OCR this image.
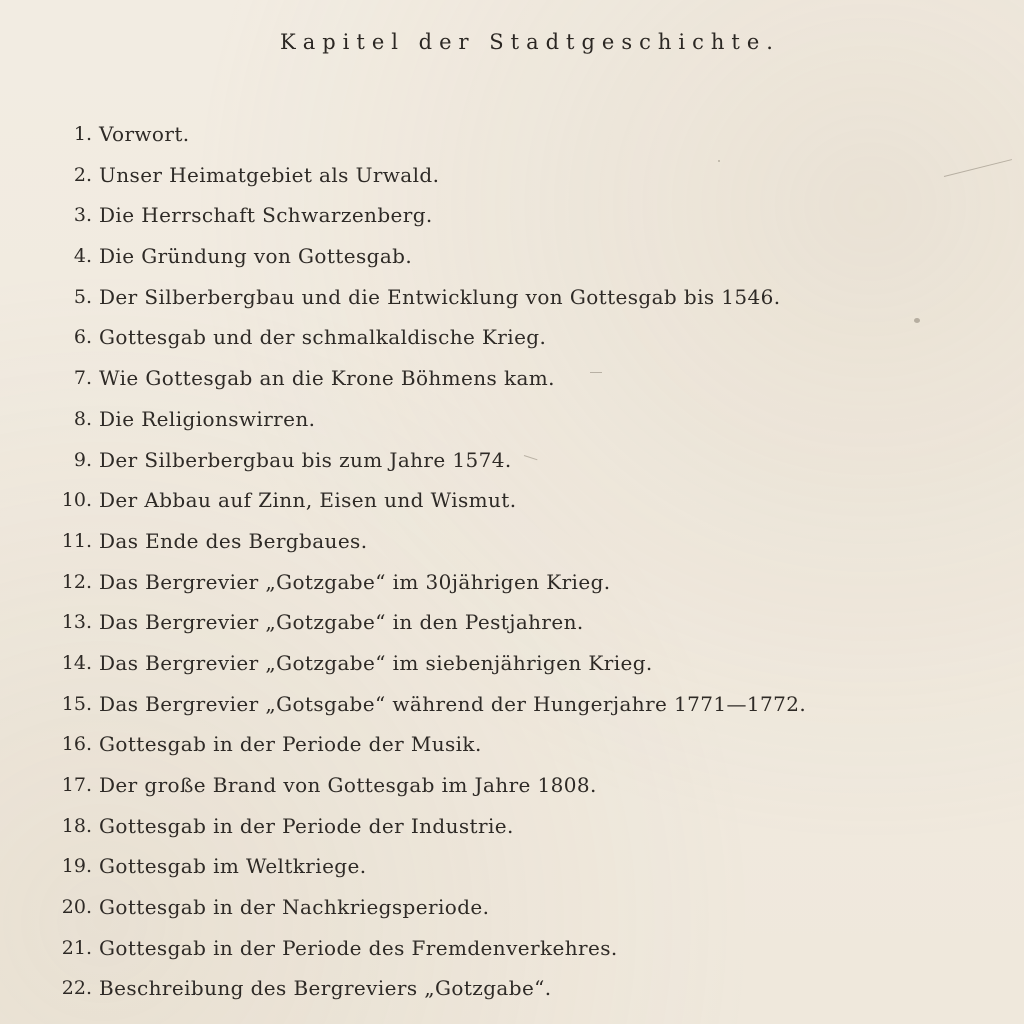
Kapitel der Stadtgeschichte.
1. Vorwort.
2. Unser Heimatgebiet als Urwald.
3. Die Herrschaft Schwarzenberg.
4. Die Gründung von Gottesgab.
5. Der Silberbergbau und die Entwicklung von Gottesgab bis 1546.
6. Gottesgab und der schmalkaldische Krieg.
7. Wie Gottesgab an die Krone Böhmens kam.
8. Die Religionswirren.
9. Der Silberbergbau bis zum Jahre 1574.
10. Der Abbau auf Zinn, Eisen und Wismut.
11. Das Ende des Bergbaues.
12. Das Bergrevier „Gotzgabe“ im 30jährigen Krieg.
13. Das Bergrevier „Gotzgabe“ in den Pestjahren.
14. Das Bergrevier „Gotzgabe“ im siebenjährigen Krieg.
15. Das Bergrevier „Gotsgabe“ während der Hungerjahre 1771—1772.
16. Gottesgab in der Periode der Musik.
17. Der große Brand von Gottesgab im Jahre 1808.
18. Gottesgab in der Periode der Industrie.
19. Gottesgab im Weltkriege.
20. Gottesgab in der Nachkriegsperiode.
21. Gottesgab in der Periode des Fremdenverkehres.
22. Beschreibung des Bergreviers „Gotzgabe“.
